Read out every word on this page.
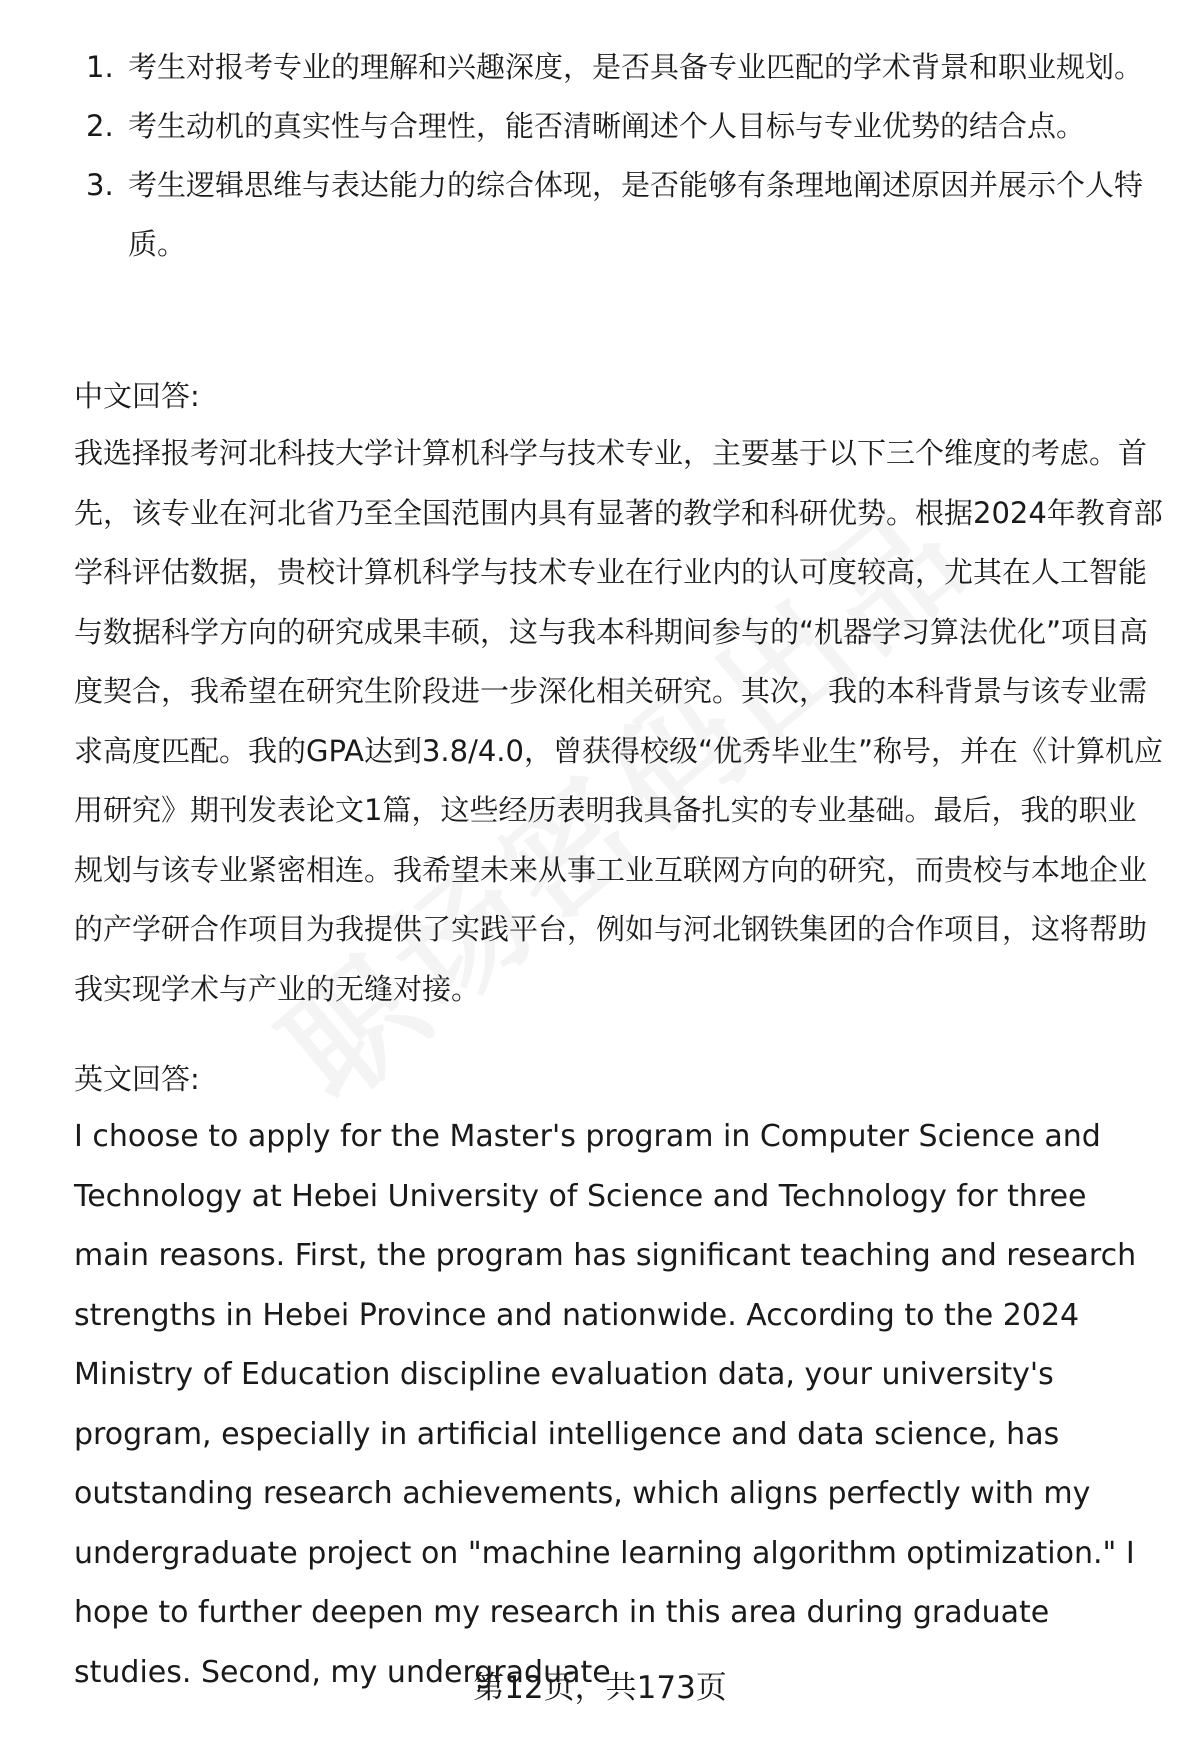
1. 考生对报考专业的理解和兴趣深度，是否具备专业匹配的学术背景和职业规划。
2. 考生动机的真实性与合理性，能否清晰阐述个人目标与专业优势的结合点。
3. 考生逻辑思维与表达能力的综合体现，是否能够有条理地阐述原因并展示个人特质。

中文回答:

我选择报考河北科技大学计算机科学与技术专业，主要基于以下三个维度的考虑。首先，该专业在河北省乃至全国范围内具有显著的教学和科研优势。根据2024年教育部学科评估数据，贵校计算机科学与技术专业在行业内的认可度较高，尤其在人工智能与数据科学方向的研究成果丰硕，这与我本科期间参与的“机器学习算法优化”项目高度契合，我希望在研究生阶段进一步深化相关研究。其次，我的本科背景与该专业需求高度匹配。我的GPA达到3.8/4.0，曾获得校级“优秀毕业生”称号，并在《计算机应用研究》期刊发表论文1篇，这些经历表明我具备扎实的专业基础。最后，我的职业规划与该专业紧密相连。我希望未来从事工业互联网方向的研究，而贵校与本地企业的产学研合作项目为我提供了实践平台，例如与河北钢铁集团的合作项目，这将帮助我实现学术与产业的无缝对接。

英文回答:

I choose to apply for the Master's program in Computer Science and Technology at Hebei University of Science and Technology for three main reasons. First, the program has significant teaching and research strengths in Hebei Province and nationwide. According to the 2024 Ministry of Education discipline evaluation data, your university's program, especially in artificial intelligence and data science, has outstanding research achievements, which aligns perfectly with my undergraduate project on "machine learning algorithm optimization." I hope to further deepen my research in this area during graduate studies. Second, my undergraduate

第12页，共173页
